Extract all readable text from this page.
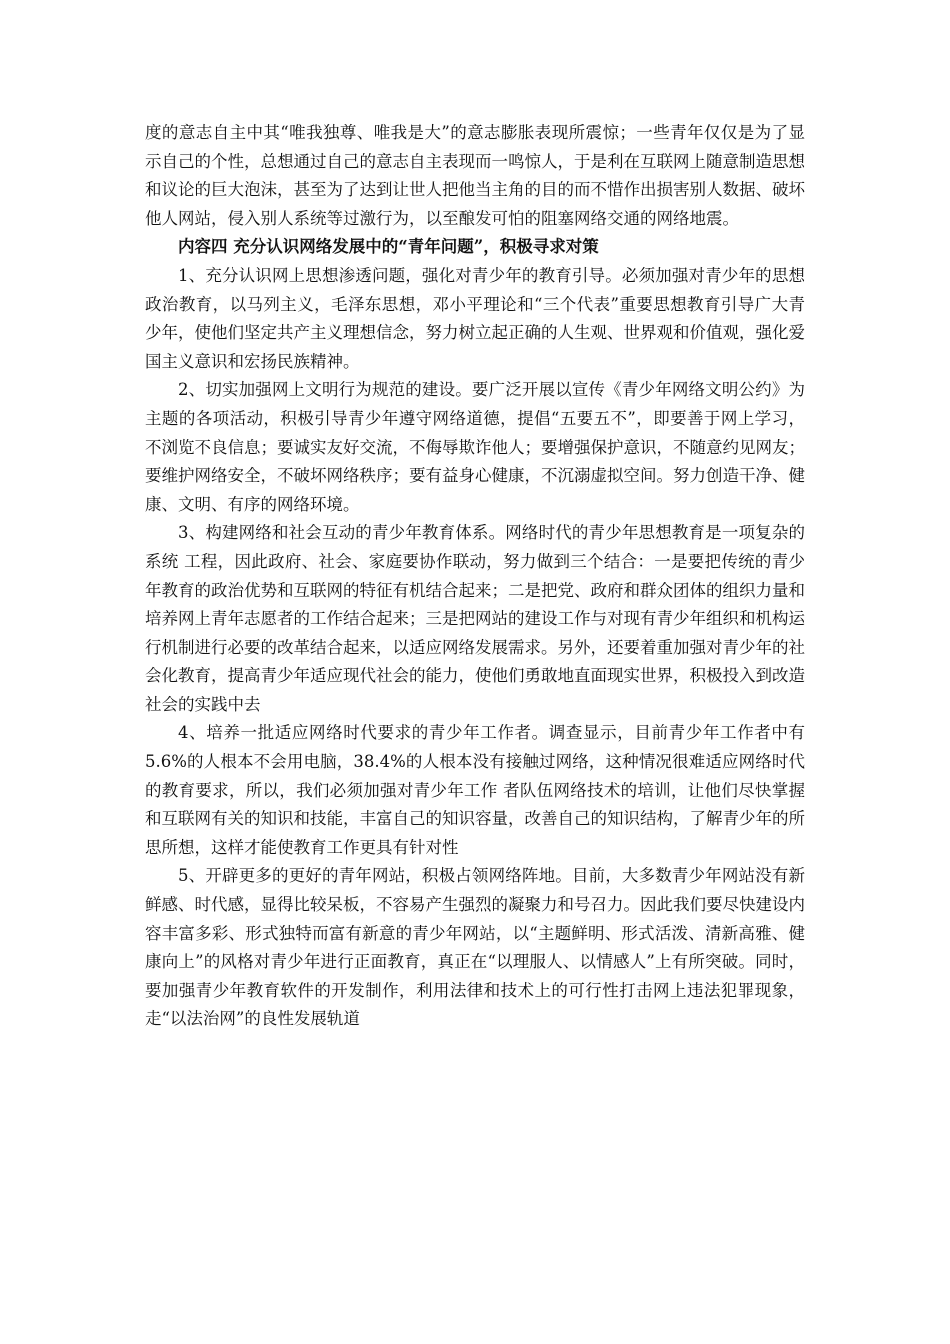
度的意志自主中其“唯我独尊、唯我是大”的意志膨胀表现所震惊；一些青年仅仅是为了显示自己的个性，总想通过自己的意志自主表现而一鸣惊人，于是利在互联网上随意制造思想和议论的巨大泡沫，甚至为了达到让世人把他当主角的目的而不惜作出损害别人数据、破坏他人网站，侵入别人系统等过激行为，以至酿发可怕的阻塞网络交通的网络地震。

内容四 充分认识网络发展中的“青年问题”，积极寻求对策

1、充分认识网上思想渗透问题，强化对青少年的教育引导。必须加强对青少年的思想政治教育，以马列主义，毛泽东思想，邓小平理论和“三个代表”重要思想教育引导广大青少年，使他们坚定共产主义理想信念，努力树立起正确的人生观、世界观和价值观，强化爱国主义意识和宏扬民族精神。

2、切实加强网上文明行为规范的建设。要广泛开展以宣传《青少年网络文明公约》为主题的各项活动，积极引导青少年遵守网络道德，提倡“五要五不”，即要善于网上学习，不浏览不良信息；要诚实友好交流，不侮辱欺诈他人；要增强保护意识，不随意约见网友；要维护网络安全，不破坏网络秩序；要有益身心健康，不沉溺虚拟空间。努力创造干净、健康、文明、有序的网络环境。

3、构建网络和社会互动的青少年教育体系。网络时代的青少年思想教育是一项复杂的系统 工程，因此政府、社会、家庭要协作联动，努力做到三个结合：一是要把传统的青少年教育的政治优势和互联网的特征有机结合起来；二是把党、政府和群众团体的组织力量和培养网上青年志愿者的工作结合起来；三是把网站的建设工作与对现有青少年组织和机构运行机制进行必要的改革结合起来，以适应网络发展需求。另外，还要着重加强对青少年的社会化教育，提高青少年适应现代社会的能力，使他们勇敢地直面现实世界，积极投入到改造社会的实践中去

4、培养一批适应网络时代要求的青少年工作者。调查显示，目前青少年工作者中有 5.6%的人根本不会用电脑，38.4%的人根本没有接触过网络，这种情况很难适应网络时代的教育要求，所以，我们必须加强对青少年工作 者队伍网络技术的培训，让他们尽快掌握和互联网有关的知识和技能，丰富自己的知识容量，改善自己的知识结构，了解青少年的所思所想，这样才能使教育工作更具有针对性

5、开辟更多的更好的青年网站，积极占领网络阵地。目前，大多数青少年网站没有新鲜感、时代感，显得比较呆板，不容易产生强烈的凝聚力和号召力。因此我们要尽快建设内容丰富多彩、形式独特而富有新意的青少年网站，以“主题鲜明、形式活泼、清新高雅、健康向上”的风格对青少年进行正面教育，真正在“以理服人、以情感人”上有所突破。同时，要加强青少年教育软件的开发制作，利用法律和技术上的可行性打击网上违法犯罪现象，走“以法治网”的良性发展轨道
